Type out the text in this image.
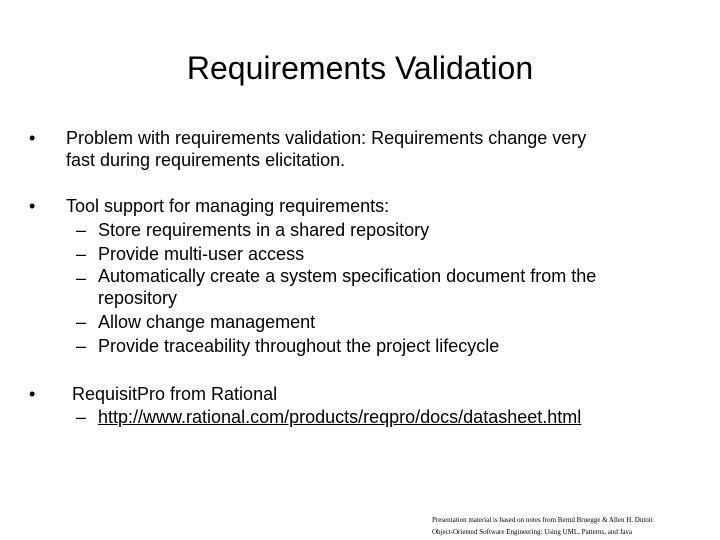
Requirements Validation
• Problem with requirements validation: Requirements change very
fast during requirements elicitation.
• Tool support for managing requirements:
– Store requirements in a shared repository
– Provide multi-user access
– Automatically create a system specification document from the
repository
– Allow change management
– Provide traceability throughout the project lifecycle
• RequisitPro from Rational
– http://www.rational.com/products/reqpro/docs/datasheet.html
Presentation material is based on notes from Bernd Bruegge & Allen H. Dutoit
Object-Oriented Software Engineering: Using UML, Patterns, and Java
